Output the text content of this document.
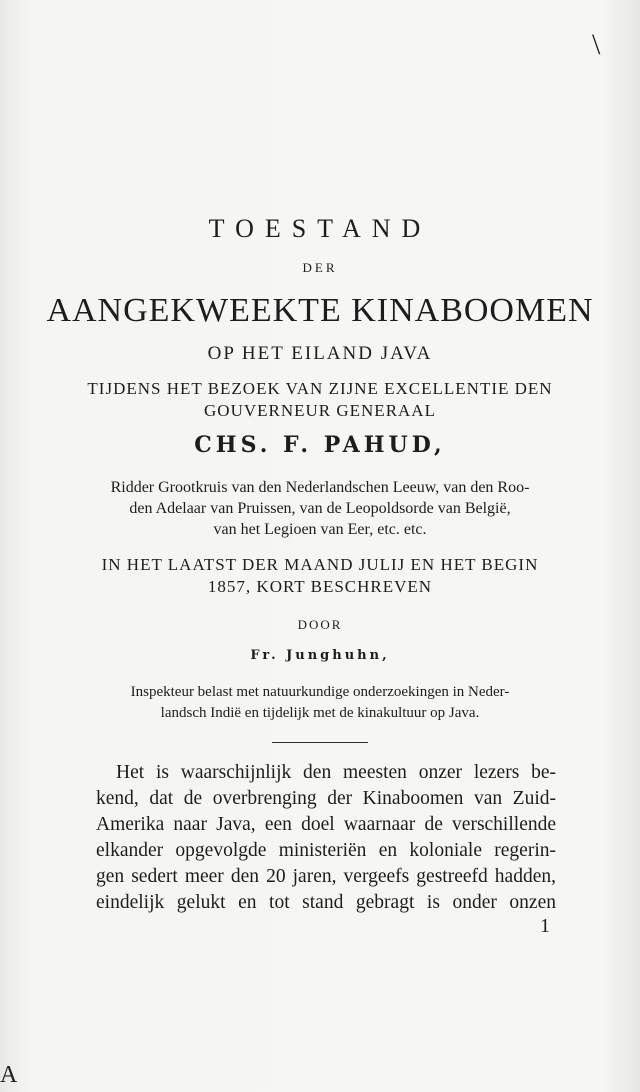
\
TOESTAND
DER
AANGEKWEEKTE KINABOOMEN
OP HET EILAND JAVA
TIJDENS HET BEZOEK VAN ZIJNE EXCELLENTIE DEN
GOUVERNEUR GENERAAL
CHS. F. PAHUD,
Ridder Grootkruis van den Nederlandschen Leeuw, van den Roo-
den Adelaar van Pruissen, van de Leopoldsorde van België,
van het Legioen van Eer, etc. etc.
IN HET LAATST DER MAAND JULIJ EN HET BEGIN
1857, KORT BESCHREVEN
DOOR
Fr. Junghuhn,
Inspekteur belast met natuurkundige onderzoekingen in Neder-
landsch Indië en tijdelijk met de kinakultuur op Java.
Het is waarschijnlijk den meesten onzer lezers be-
kend, dat de overbrenging der Kinaboomen van Zuid-
Amerika naar Java, een doel waarnaar de verschillende
elkander opgevolgde ministeriën en koloniale regerin-
gen sedert meer den 20 jaren, vergeefs gestreefd hadden,
eindelijk gelukt en tot stand gebragt is onder onzen
1
A
